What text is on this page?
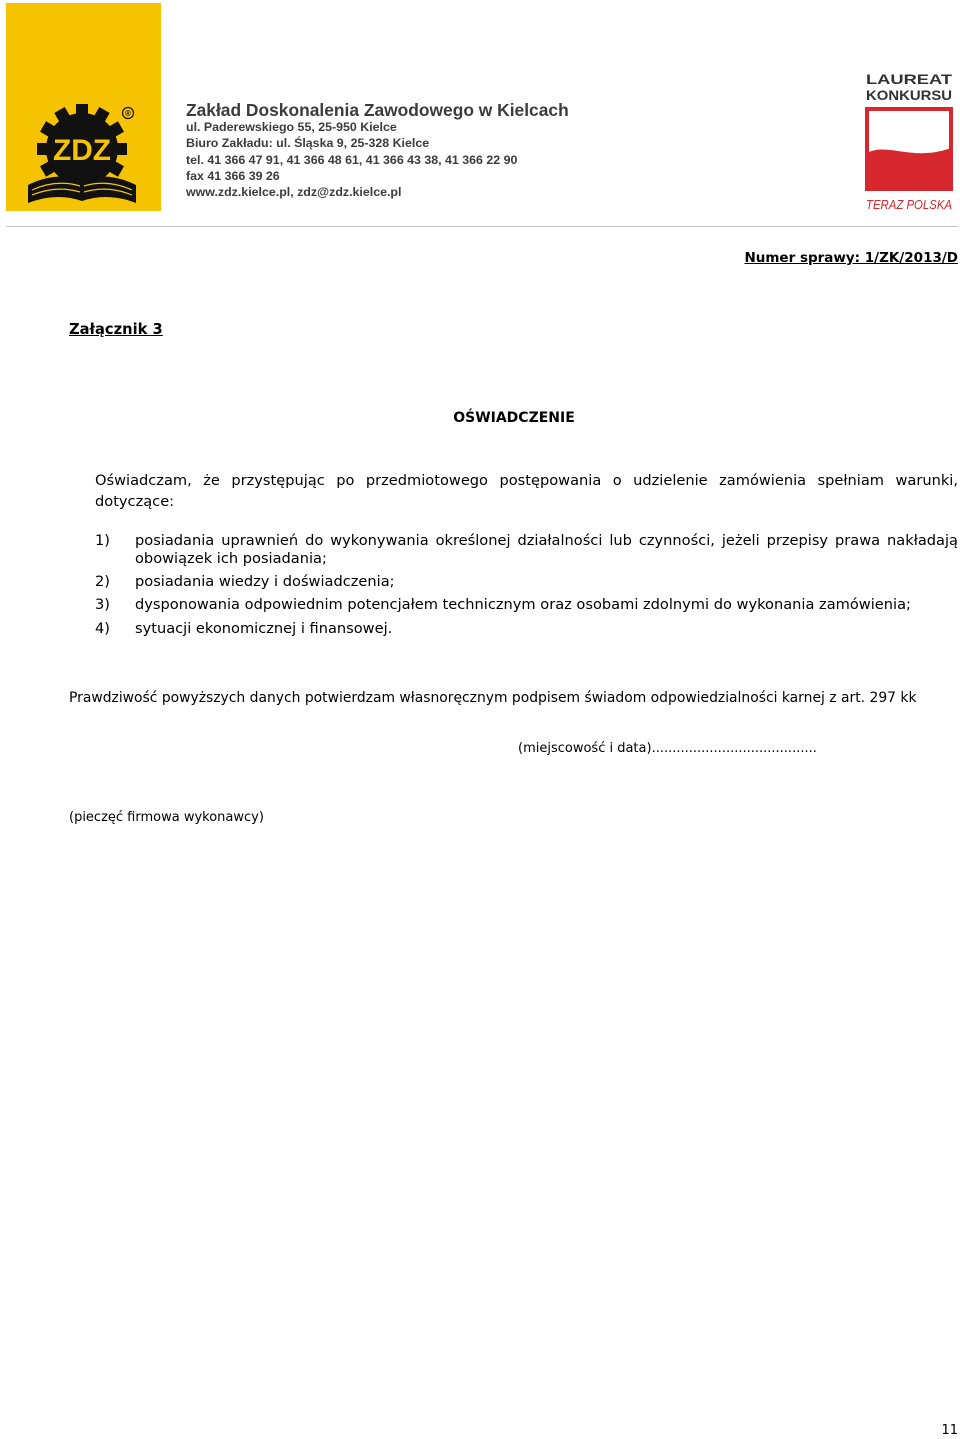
ZDZ
®	Zakład Doskonalenia Zawodowego w Kielcach
ul. Paderewskiego 55, 25-950 Kielce
Biuro Zakładu: ul. Śląska 9, 25-328 Kielce
tel. 41 366 47 91, 41 366 48 61, 41 366 43 38, 41 366 22 90
fax 41 366 39 26
www.zdz.kielce.pl, zdz@zdz.kielce.pl
LAUREAT
KONKURSU
TERAZ POLSKA
Numer sprawy: 1/ZK/2013/D
Załącznik 3
OŚWIADCZENIE
Oświadczam, że przystępując po przedmiotowego postępowania o udzielenie zamówienia spełniam warunki, dotyczące:
1) posiadania uprawnień do wykonywania określonej działalności lub czynności, jeżeli przepisy prawa nakładają obowiązek ich posiadania;
2) posiadania wiedzy i doświadczenia;
3) dysponowania odpowiednim potencjałem technicznym oraz osobami zdolnymi do wykonania zamówienia;
4) sytuacji ekonomicznej i finansowej.
Prawdziwość powyższych danych potwierdzam własnoręcznym podpisem świadom odpowiedzialności karnej z art. 297 kk
(miejscowość i data)........................................
(pieczęć firmowa wykonawcy)
11
